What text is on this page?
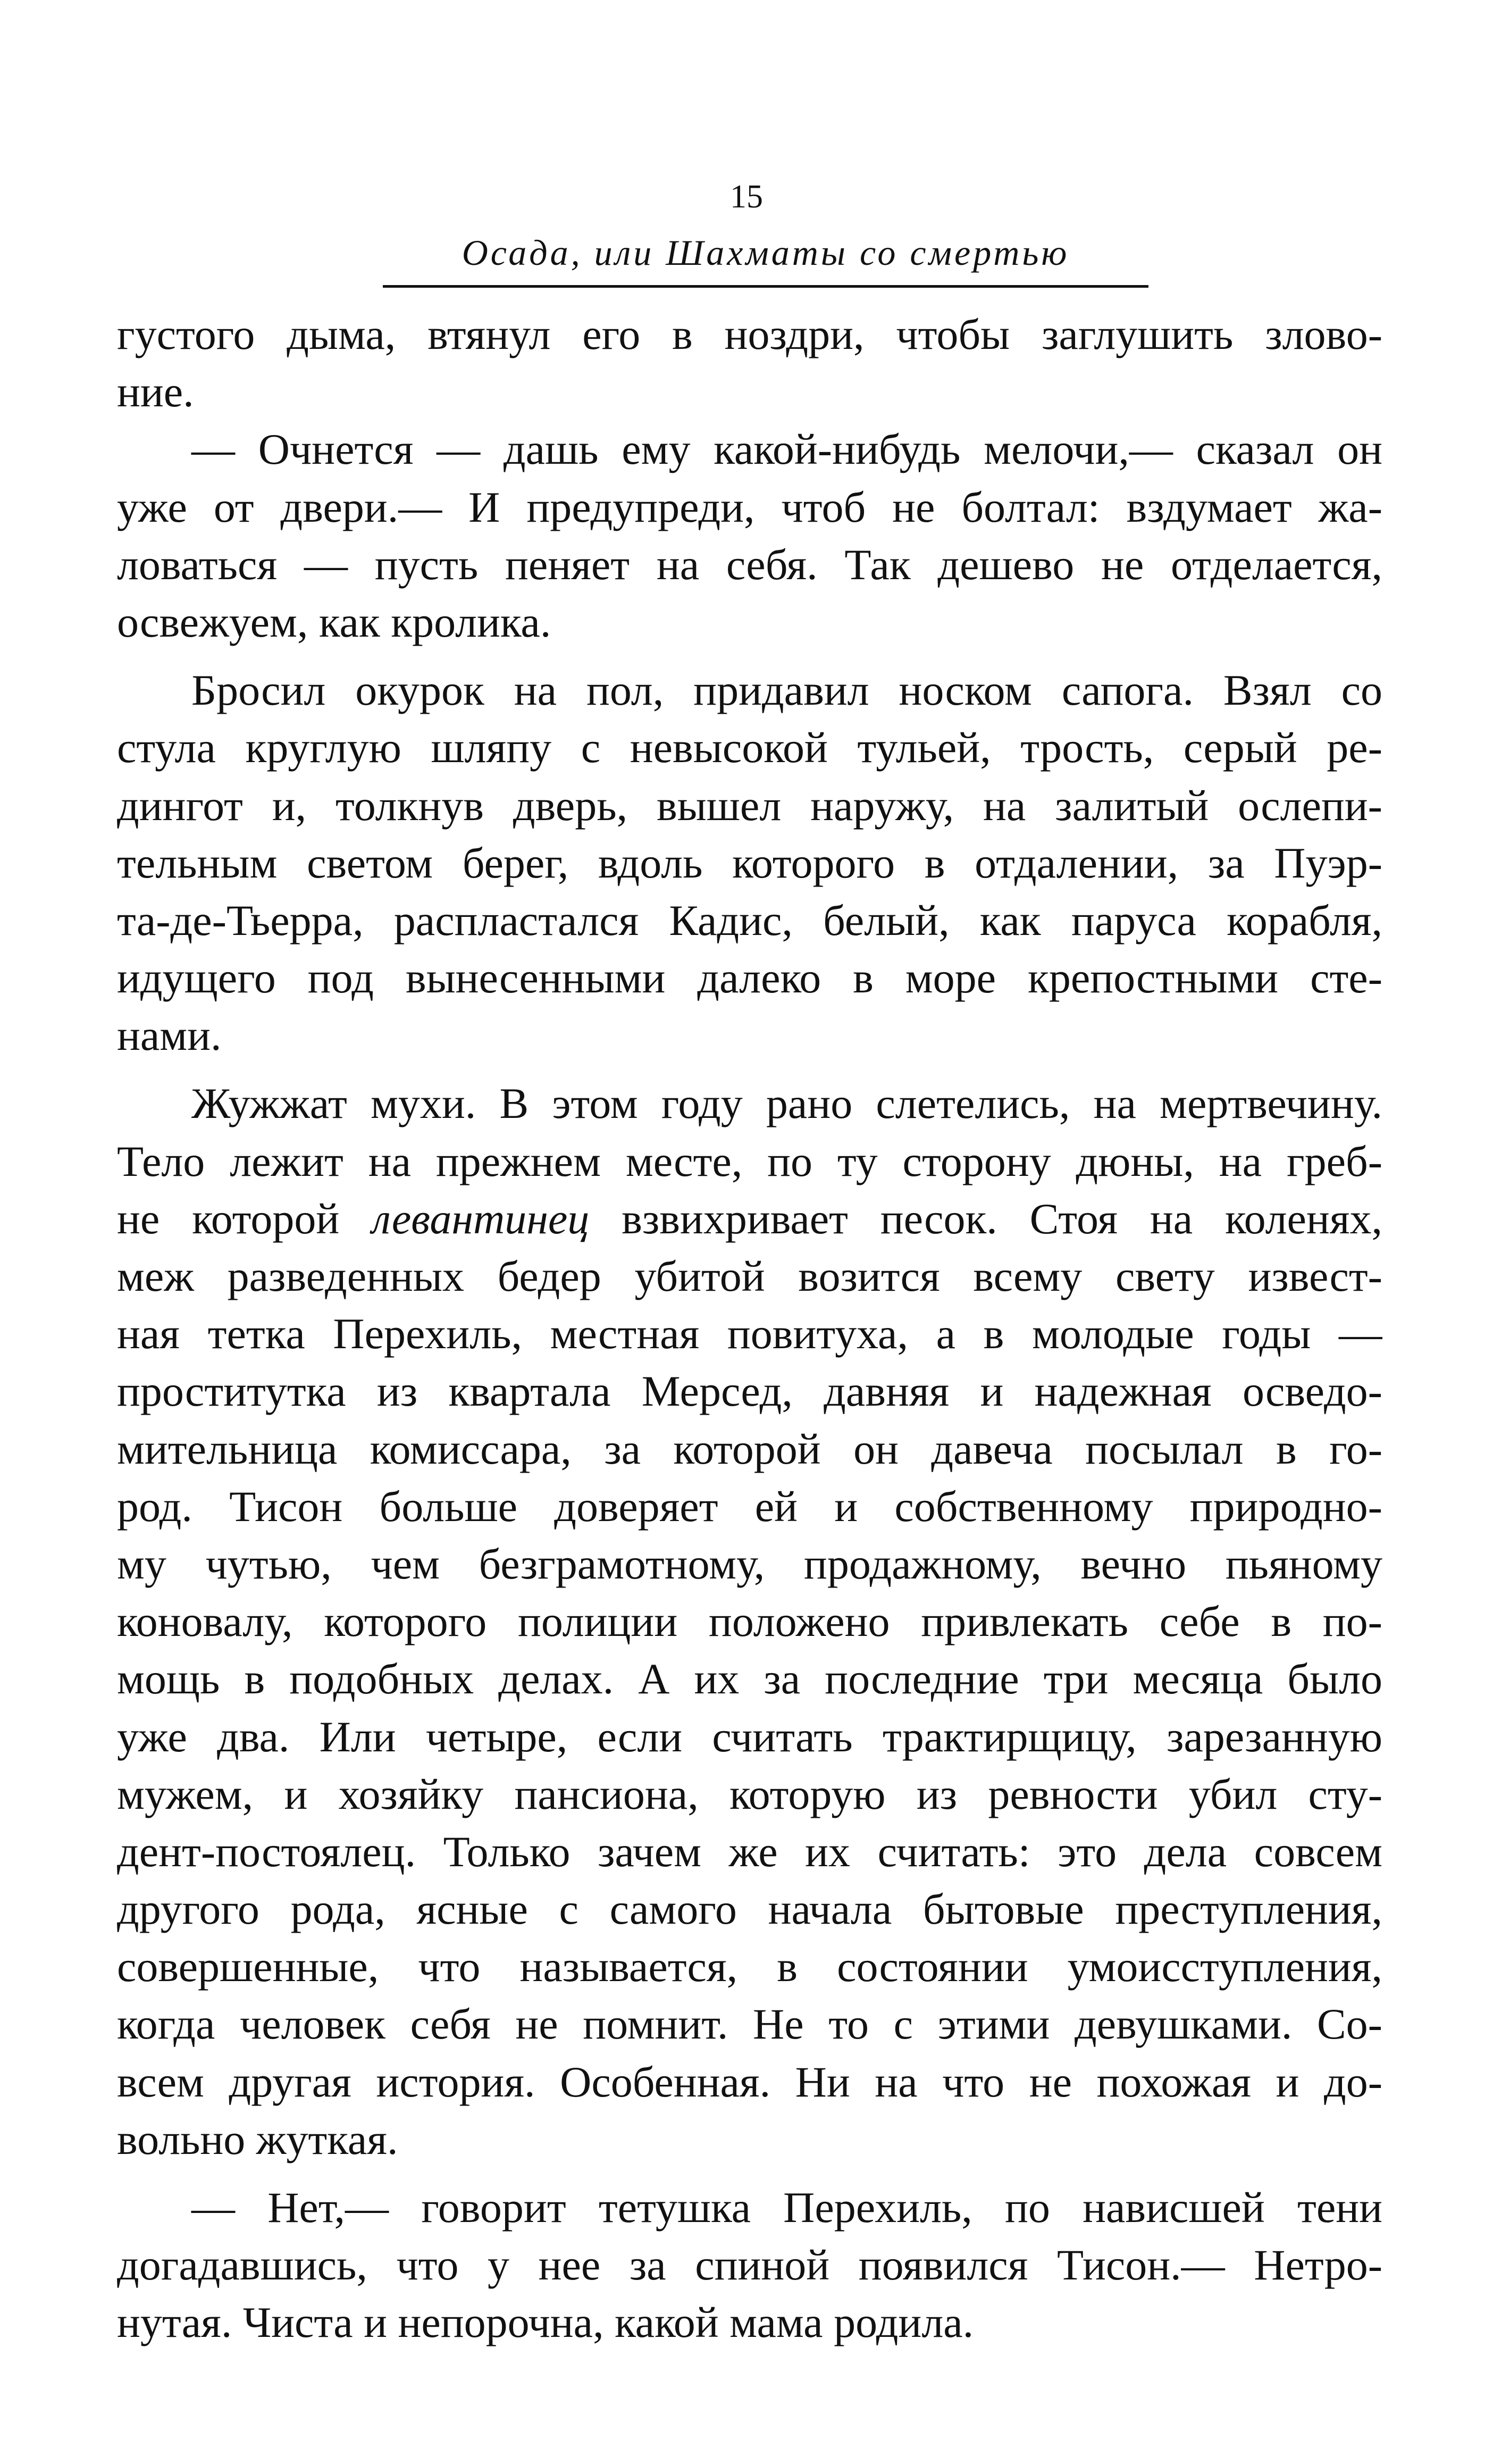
15
Осада, или Шахматы со смертью
густого дыма, втянул его в ноздри, чтобы заглушить злово-
ние.
— Очнется — дашь ему какой-нибудь мелочи,— сказал он
уже от двери.— И предупреди, чтоб не болтал: вздумает жа-
ловаться — пусть пеняет на себя. Так дешево не отделается,
освежуем, как кролика.
Бросил окурок на пол, придавил носком сапога. Взял со
стула круглую шляпу с невысокой тульей, трость, серый ре-
дингот и, толкнув дверь, вышел наружу, на залитый ослепи-
тельным светом берег, вдоль которого в отдалении, за Пуэр-
та-де-Тьерра, распластался Кадис, белый, как паруса корабля,
идущего под вынесенными далеко в море крепостными сте-
нами.
Жужжат мухи. В этом году рано слетелись, на мертвечину.
Тело лежит на прежнем месте, по ту сторону дюны, на греб-
не которой левантинец взвихривает песок. Стоя на коленях,
меж разведенных бедер убитой возится всему свету извест-
ная тетка Перехиль, местная повитуха, а в молодые годы —
проститутка из квартала Мерсед, давняя и надежная осведо-
мительница комиссара, за которой он давеча посылал в го-
род. Тисон больше доверяет ей и собственному природно-
му чутью, чем безграмотному, продажному, вечно пьяному
коновалу, которого полиции положено привлекать себе в по-
мощь в подобных делах. А их за последние три месяца было
уже два. Или четыре, если считать трактирщицу, зарезанную
мужем, и хозяйку пансиона, которую из ревности убил сту-
дент-постоялец. Только зачем же их считать: это дела совсем
другого рода, ясные с самого начала бытовые преступления,
совершенные, что называется, в состоянии умоисступления,
когда человек себя не помнит. Не то с этими девушками. Со-
всем другая история. Особенная. Ни на что не похожая и до-
вольно жуткая.
— Нет,— говорит тетушка Перехиль, по нависшей тени
догадавшись, что у нее за спиной появился Тисон.— Нетро-
нутая. Чиста и непорочна, какой мама родила.
